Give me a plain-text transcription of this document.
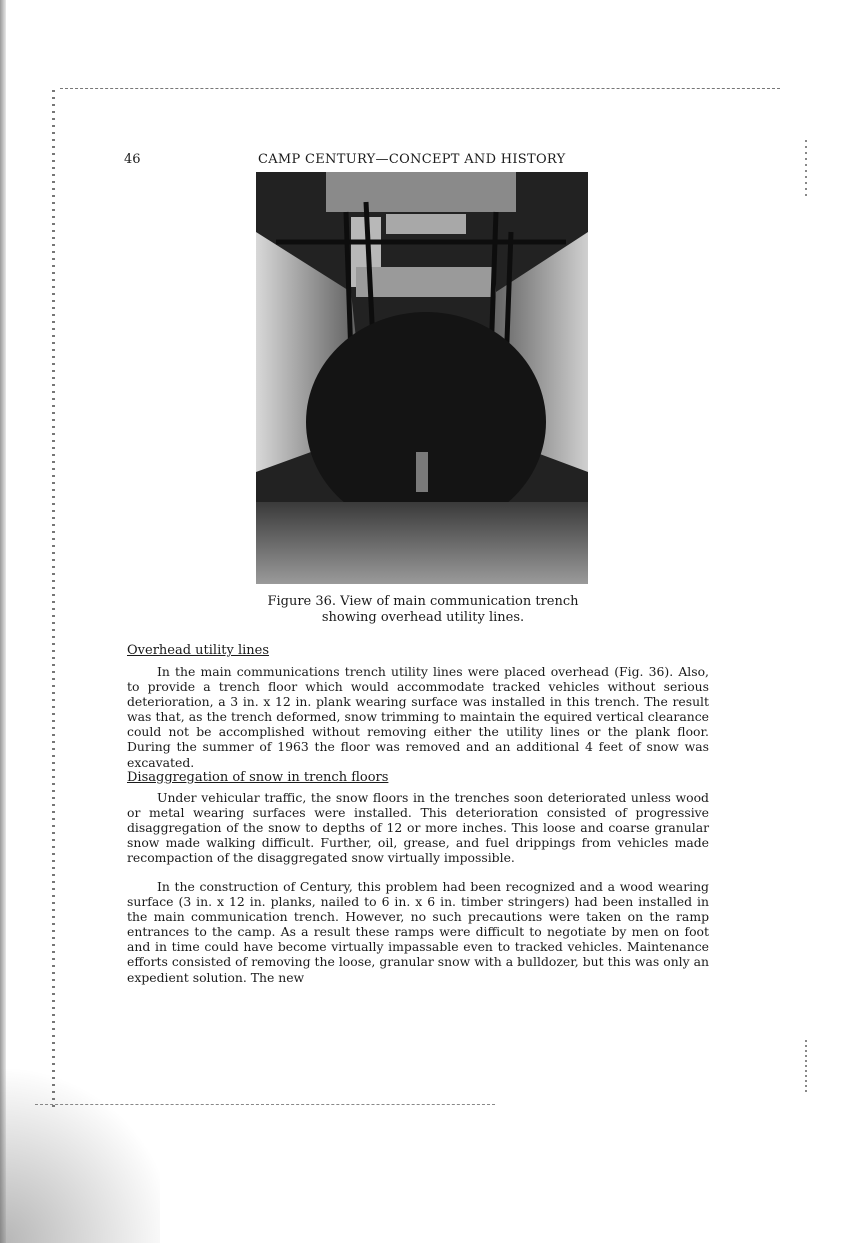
46	CAMP CENTURY—CONCEPT AND HISTORY
Figure 36. View of main communication trench
showing overhead utility lines.
Overhead utility lines

In the main communications trench utility lines were placed overhead (Fig. 36). Also, to provide a trench floor which would accommodate tracked vehicles without serious deterioration, a 3 in. x 12 in. plank wearing surface was installed in this trench. The result was that, as the trench deformed, snow trimming to maintain the equired vertical clearance could not be accomplished without removing either the utility lines or the plank floor. During the summer of 1963 the floor was removed and an additional 4 feet of snow was excavated.

Disaggregation of snow in trench floors

Under vehicular traffic, the snow floors in the trenches soon deteriorated unless wood or metal wearing surfaces were installed. This deterioration consisted of progressive disaggregation of the snow to depths of 12 or more inches. This loose and coarse granular snow made walking difficult. Further, oil, grease, and fuel drippings from vehicles made recompaction of the disaggregated snow virtually impossible.

In the construction of Century, this problem had been recognized and a wood wearing surface (3 in. x 12 in. planks, nailed to 6 in. x 6 in. timber stringers) had been installed in the main communication trench. However, no such precautions were taken on the ramp entrances to the camp. As a result these ramps were difficult to negotiate by men on foot and in time could have become virtually impassable even to tracked vehicles. Maintenance efforts consisted of removing the loose, granular snow with a bulldozer, but this was only an expedient solution. The new
